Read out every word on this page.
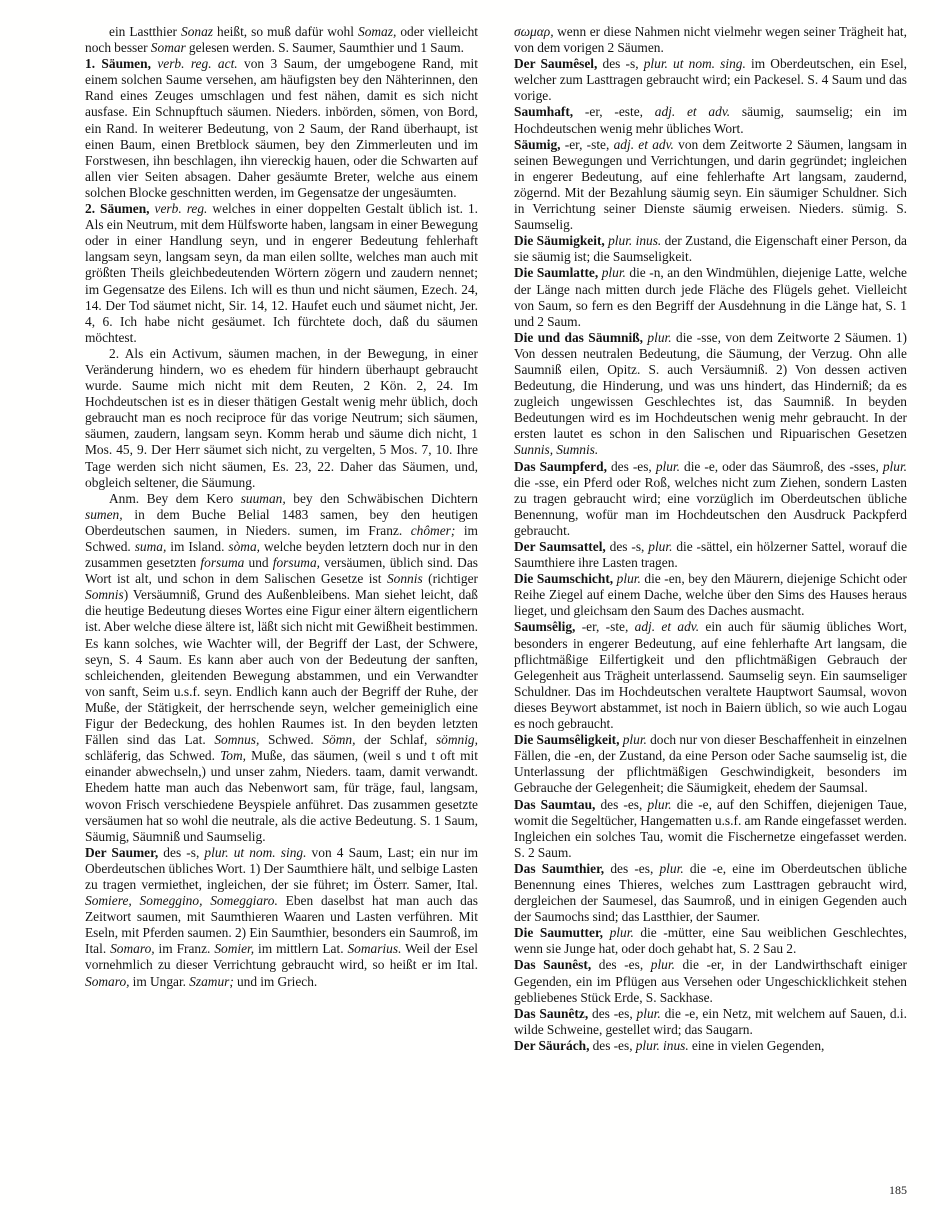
ein Lastthier Sonaz heißt, so muß dafür wohl Somaz, oder vielleicht noch besser Somar gelesen werden. S. Saumer, Saumthier und 1 Saum.

1. Säumen, verb. reg. act. von 3 Saum, der umgebogene Rand, mit einem solchen Saume versehen, am häufigsten bey den Nähterinnen, den Rand eines Zeuges umschlagen und fest nähen, damit es sich nicht ausfase. Ein Schnupftuch säumen. Nieders. inbörden, sömen, von Bord, ein Rand. In weiterer Bedeutung, von 2 Saum, der Rand überhaupt, ist einen Baum, einen Bretblock säumen, bey den Zimmerleuten und im Forstwesen, ihn beschlagen, ihn viereckig hauen, oder die Schwarten auf allen vier Seiten absagen. Daher gesäumte Breter, welche aus einem solchen Blocke geschnitten werden, im Gegensatze der ungesäumten.

2. Säumen, verb. reg. welches in einer doppelten Gestalt üblich ist. 1. Als ein Neutrum, mit dem Hülfsworte haben, langsam in einer Bewegung oder in einer Handlung seyn, und in engerer Bedeutung fehlerhaft langsam seyn, langsam seyn, da man eilen sollte, welches man auch mit größten Theils gleichbedeutenden Wörtern zögern und zaudern nennet; im Gegensatze des Eilens. Ich will es thun und nicht säumen, Ezech. 24, 14. Der Tod säumet nicht, Sir. 14, 12. Haufet euch und säumet nicht, Jer. 4, 6. Ich habe nicht gesäumet. Ich fürchtete doch, daß du säumen möchtest.

2. Als ein Activum, säumen machen, in der Bewegung, in einer Veränderung hindern, wo es ehedem für hindern überhaupt gebraucht wurde. Saume mich nicht mit dem Reuten, 2 Kön. 2, 24. Im Hochdeutschen ist es in dieser thätigen Gestalt wenig mehr üblich, doch gebraucht man es noch reciproce für das vorige Neutrum; sich säumen, säumen, zaudern, langsam seyn. Komm herab und säume dich nicht, 1 Mos. 45, 9. Der Herr säumet sich nicht, zu vergelten, 5 Mos. 7, 10. Ihre Tage werden sich nicht säumen, Es. 23, 22. Daher das Säumen, und, obgleich seltener, die Säumung.

Anm. Bey dem Kero suuman, bey den Schwäbischen Dichtern sumen, in dem Buche Belial 1483 samen, bey den heutigen Oberdeutschen saumen, in Nieders. sumen, im Franz. chômer; im Schwed. suma, im Island. sòma, welche beyden letztern doch nur in den zusammen gesetzten forsuma und forsuma, versäumen, üblich sind. Das Wort ist alt, und schon in dem Salischen Gesetze ist Sonnis (richtiger Somnis) Versäumniß, Grund des Außenbleibens. Man siehet leicht, daß die heutige Bedeutung dieses Wortes eine Figur einer ältern eigentlichern ist. Aber welche diese ältere ist, läßt sich nicht mit Gewißheit bestimmen. Es kann solches, wie Wachter will, der Begriff der Last, der Schwere, seyn, S. 4 Saum. Es kann aber auch von der Bedeutung der sanften, schleichenden, gleitenden Bewegung abstammen, und ein Verwandter von sanft, Seim u.s.f. seyn. Endlich kann auch der Begriff der Ruhe, der Muße, der Stätigkeit, der herrschende seyn, welcher gemeiniglich eine Figur der Bedeckung, des hohlen Raumes ist. In den beyden letzten Fällen sind das Lat. Somnus, Schwed. Sömn, der Schlaf, sömnig, schläferig, das Schwed. Tom, Muße, das säumen, (weil s und t oft mit einander abwechseln,) und unser zahm, Nieders. taam, damit verwandt. Ehedem hatte man auch das Nebenwort sam, für träge, faul, langsam, wovon Frisch verschiedene Beyspiele anführet. Das zusammen gesetzte versäumen hat so wohl die neutrale, als die active Bedeutung. S. 1 Saum, Säumig, Säumniß und Saumselig.

Der Saumer, des -s, plur. ut nom. sing. von 4 Saum, Last; ein nur im Oberdeutschen übliches Wort. 1) Der Saumthiere hält, und selbige Lasten zu tragen vermiethet, ingleichen, der sie führet; im Österr. Samer, Ital. Somiere, Someggino, Someggiaro. Eben daselbst hat man auch das Zeitwort saumen, mit Saumthieren Waaren und Lasten verführen. Mit Eseln, mit Pferden saumen. 2) Ein Saumthier, besonders ein Saumroß, im Ital. Somaro, im Franz. Somier, im mittlern Lat. Somarius. Weil der Esel vornehmlich zu dieser Verrichtung gebraucht wird, so heißt er im Ital. Somaro, im Ungar. Szamur; und im Griech.

σωμαρ, wenn er diese Nahmen nicht vielmehr wegen seiner Trägheit hat, von dem vorigen 2 Säumen.

Der Saumêsel, des -s, plur. ut nom. sing. im Oberdeutschen, ein Esel, welcher zum Lasttragen gebraucht wird; ein Packesel. S. 4 Saum und das vorige.

Saumhaft, -er, -este, adj. et adv. säumig, saumselig; ein im Hochdeutschen wenig mehr übliches Wort.

Säumig, -er, -ste, adj. et adv. von dem Zeitworte 2 Säumen, langsam in seinen Bewegungen und Verrichtungen, und darin gegründet; ingleichen in engerer Bedeutung, auf eine fehlerhafte Art langsam, zaudernd, zögernd. Mit der Bezahlung säumig seyn. Ein säumiger Schuldner. Sich in Verrichtung seiner Dienste säumig erweisen. Nieders. sümig. S. Saumselig.

Die Säumigkeit, plur. inus. der Zustand, die Eigenschaft einer Person, da sie säumig ist; die Saumseligkeit.

Die Saumlatte, plur. die -n, an den Windmühlen, diejenige Latte, welche der Länge nach mitten durch jede Fläche des Flügels gehet. Vielleicht von Saum, so fern es den Begriff der Ausdehnung in die Länge hat, S. 1 und 2 Saum.

Die und das Säumniß, plur. die -sse, von dem Zeitworte 2 Säumen. 1) Von dessen neutralen Bedeutung, die Säumung, der Verzug. Ohn alle Saumniß eilen, Opitz. S. auch Versäumniß. 2) Von dessen activen Bedeutung, die Hinderung, und was uns hindert, das Hinderniß; da es zugleich ungewissen Geschlechtes ist, das Saumniß. In beyden Bedeutungen wird es im Hochdeutschen wenig mehr gebraucht. In der ersten lautet es schon in den Salischen und Ripuarischen Gesetzen Sunnis, Sumnis.

Das Saumpferd, des -es, plur. die -e, oder das Säumroß, des -sses, plur. die -sse, ein Pferd oder Roß, welches nicht zum Ziehen, sondern Lasten zu tragen gebraucht wird; eine vorzüglich im Oberdeutschen übliche Benennung, wofür man im Hochdeutschen den Ausdruck Packpferd gebraucht.

Der Saumsattel, des -s, plur. die -sättel, ein hölzerner Sattel, worauf die Saumthiere ihre Lasten tragen.

Die Saumschicht, plur. die -en, bey den Mäurern, diejenige Schicht oder Reihe Ziegel auf einem Dache, welche über den Sims des Hauses heraus lieget, und gleichsam den Saum des Daches ausmacht.

Saumsêlig, -er, -ste, adj. et adv. ein auch für säumig übliches Wort, besonders in engerer Bedeutung, auf eine fehlerhafte Art langsam, die pflichtmäßige Eilfertigkeit und den pflichtmäßigen Gebrauch der Gelegenheit aus Trägheit unterlassend. Saumselig seyn. Ein saumseliger Schuldner. Das im Hochdeutschen veraltete Hauptwort Saumsal, wovon dieses Beywort abstammet, ist noch in Baiern üblich, so wie auch Logau es noch gebraucht.

Die Saumsêligkeit, plur. doch nur von dieser Beschaffenheit in einzelnen Fällen, die -en, der Zustand, da eine Person oder Sache saumselig ist, die Unterlassung der pflichtmäßigen Geschwindigkeit, besonders im Gebrauche der Gelegenheit; die Säumigkeit, ehedem der Saumsal.

Das Saumtau, des -es, plur. die -e, auf den Schiffen, diejenigen Taue, womit die Segeltücher, Hangematten u.s.f. am Rande eingefasset werden. Ingleichen ein solches Tau, womit die Fischernetze eingefasset werden. S. 2 Saum.

Das Saumthier, des -es, plur. die -e, eine im Oberdeutschen übliche Benennung eines Thieres, welches zum Lasttragen gebraucht wird, dergleichen der Saumesel, das Saumroß, und in einigen Gegenden auch der Saumochs sind; das Lastthier, der Saumer.

Die Saumutter, plur. die -mütter, eine Sau weiblichen Geschlechtes, wenn sie Junge hat, oder doch gehabt hat, S. 2 Sau 2.

Das Saunêst, des -es, plur. die -er, in der Landwirthschaft einiger Gegenden, ein im Pflügen aus Versehen oder Ungeschicklichkeit stehen gebliebenes Stück Erde, S. Sackhase.

Das Saunêtz, des -es, plur. die -e, ein Netz, mit welchem auf Sauen, d.i. wilde Schweine, gestellet wird; das Saugarn.

Der Säurách, des -es, plur. inus. eine in vielen Gegenden,

185
